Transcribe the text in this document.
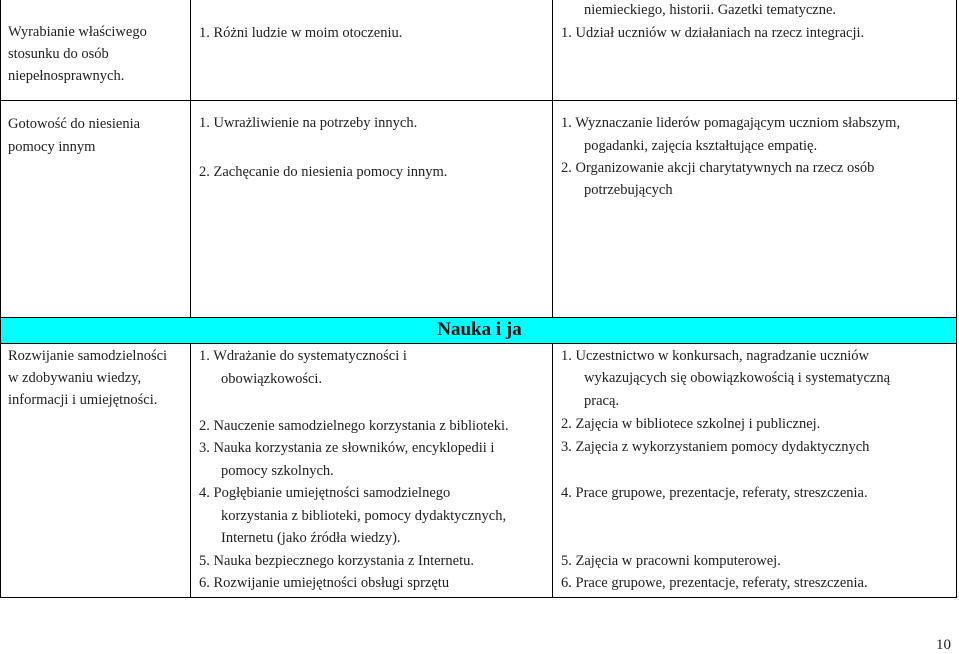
Nauka i ja
Wyrabianie właściwego
stosunku do osób
niepełnosprawnych.
1. Różni ludzie w moim otoczeniu.
niemieckiego, historii. Gazetki tematyczne.
1. Udział uczniów w działaniach na rzecz integracji.
Gotowość do niesienia
pomocy innym
1. Uwrażliwienie na potrzeby innych.
2. Zachęcanie do niesienia pomocy innym.
1. Wyznaczanie liderów pomagającym uczniom słabszym,
pogadanki, zajęcia kształtujące empatię.
2. Organizowanie akcji charytatywnych na rzecz osób
potrzebujących
Rozwijanie samodzielności
w zdobywaniu wiedzy,
informacji i umiejętności.
1. Wdrażanie do systematyczności i
obowiązkowości.
2. Nauczenie samodzielnego korzystania z biblioteki.
3. Nauka korzystania ze słowników, encyklopedii i
pomocy szkolnych.
4. Pogłębianie umiejętności samodzielnego
korzystania z biblioteki, pomocy dydaktycznych,
Internetu (jako źródła wiedzy).
5. Nauka bezpiecznego korzystania z Internetu.
6. Rozwijanie umiejętności obsługi sprzętu
1. Uczestnictwo w konkursach, nagradzanie uczniów
wykazujących się obowiązkowością i systematyczną
pracą.
2. Zajęcia w bibliotece szkolnej i publicznej.
3. Zajęcia z wykorzystaniem pomocy dydaktycznych
4. Prace grupowe, prezentacje, referaty, streszczenia.
5. Zajęcia w pracowni komputerowej.
6. Prace grupowe, prezentacje, referaty, streszczenia.
10
